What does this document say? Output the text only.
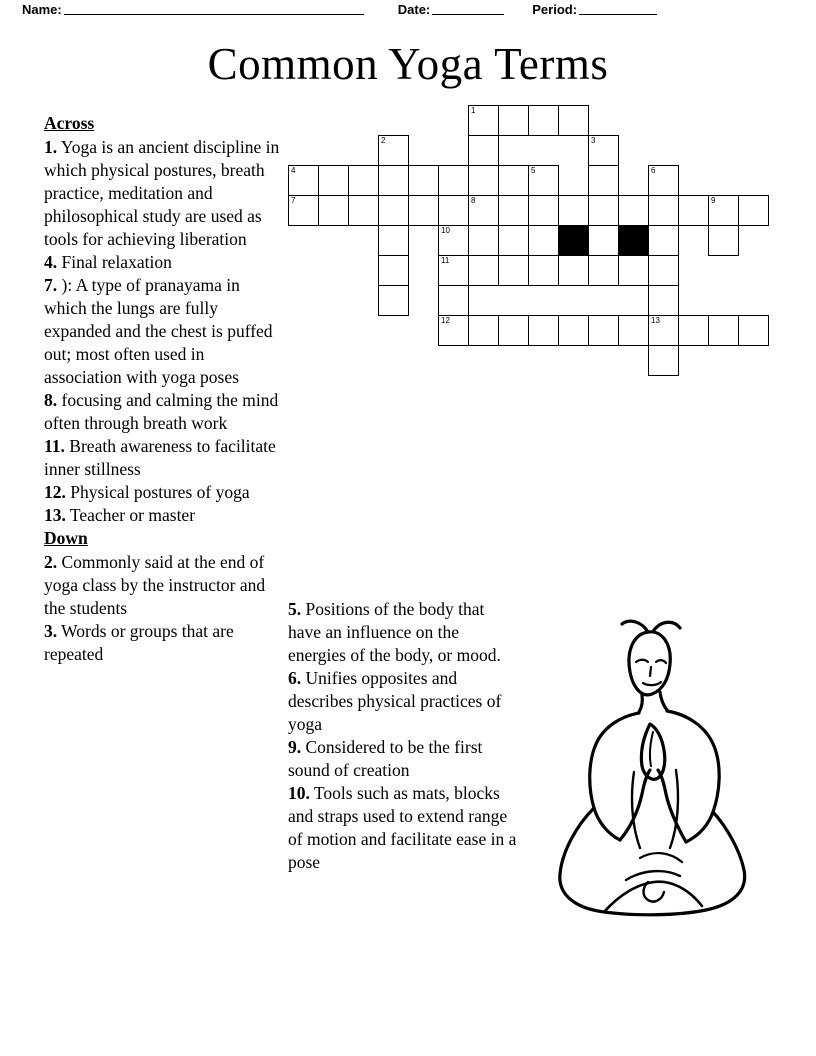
Name:	Date:	Period:
Common Yoga Terms
Across

1. Yoga is an ancient discipline in which physical postures, breath practice, meditation and philosophical study are used as tools for achieving liberation

4. Final relaxation

7. ): A type of pranayama in which the lungs are fully expanded and the chest is puffed out; most often used in association with yoga poses

8. focusing and calming the mind often through breath work

11. Breath awareness to facilitate inner stillness

12. Physical postures of yoga

13. Teacher or master

Down

2. Commonly said at the end of yoga class by the instructor and the students

3. Words or groups that are repeated

5. Positions of the body that have an influence on the energies of the body, or mood.

6. Unifies opposites and describes physical practices of yoga

9. Considered to be the first sound of creation

10. Tools such as mats, blocks and straps used to extend range of motion and facilitate ease in a pose

1
2	3
4	5	6
7	8	9
10
11
12	13
